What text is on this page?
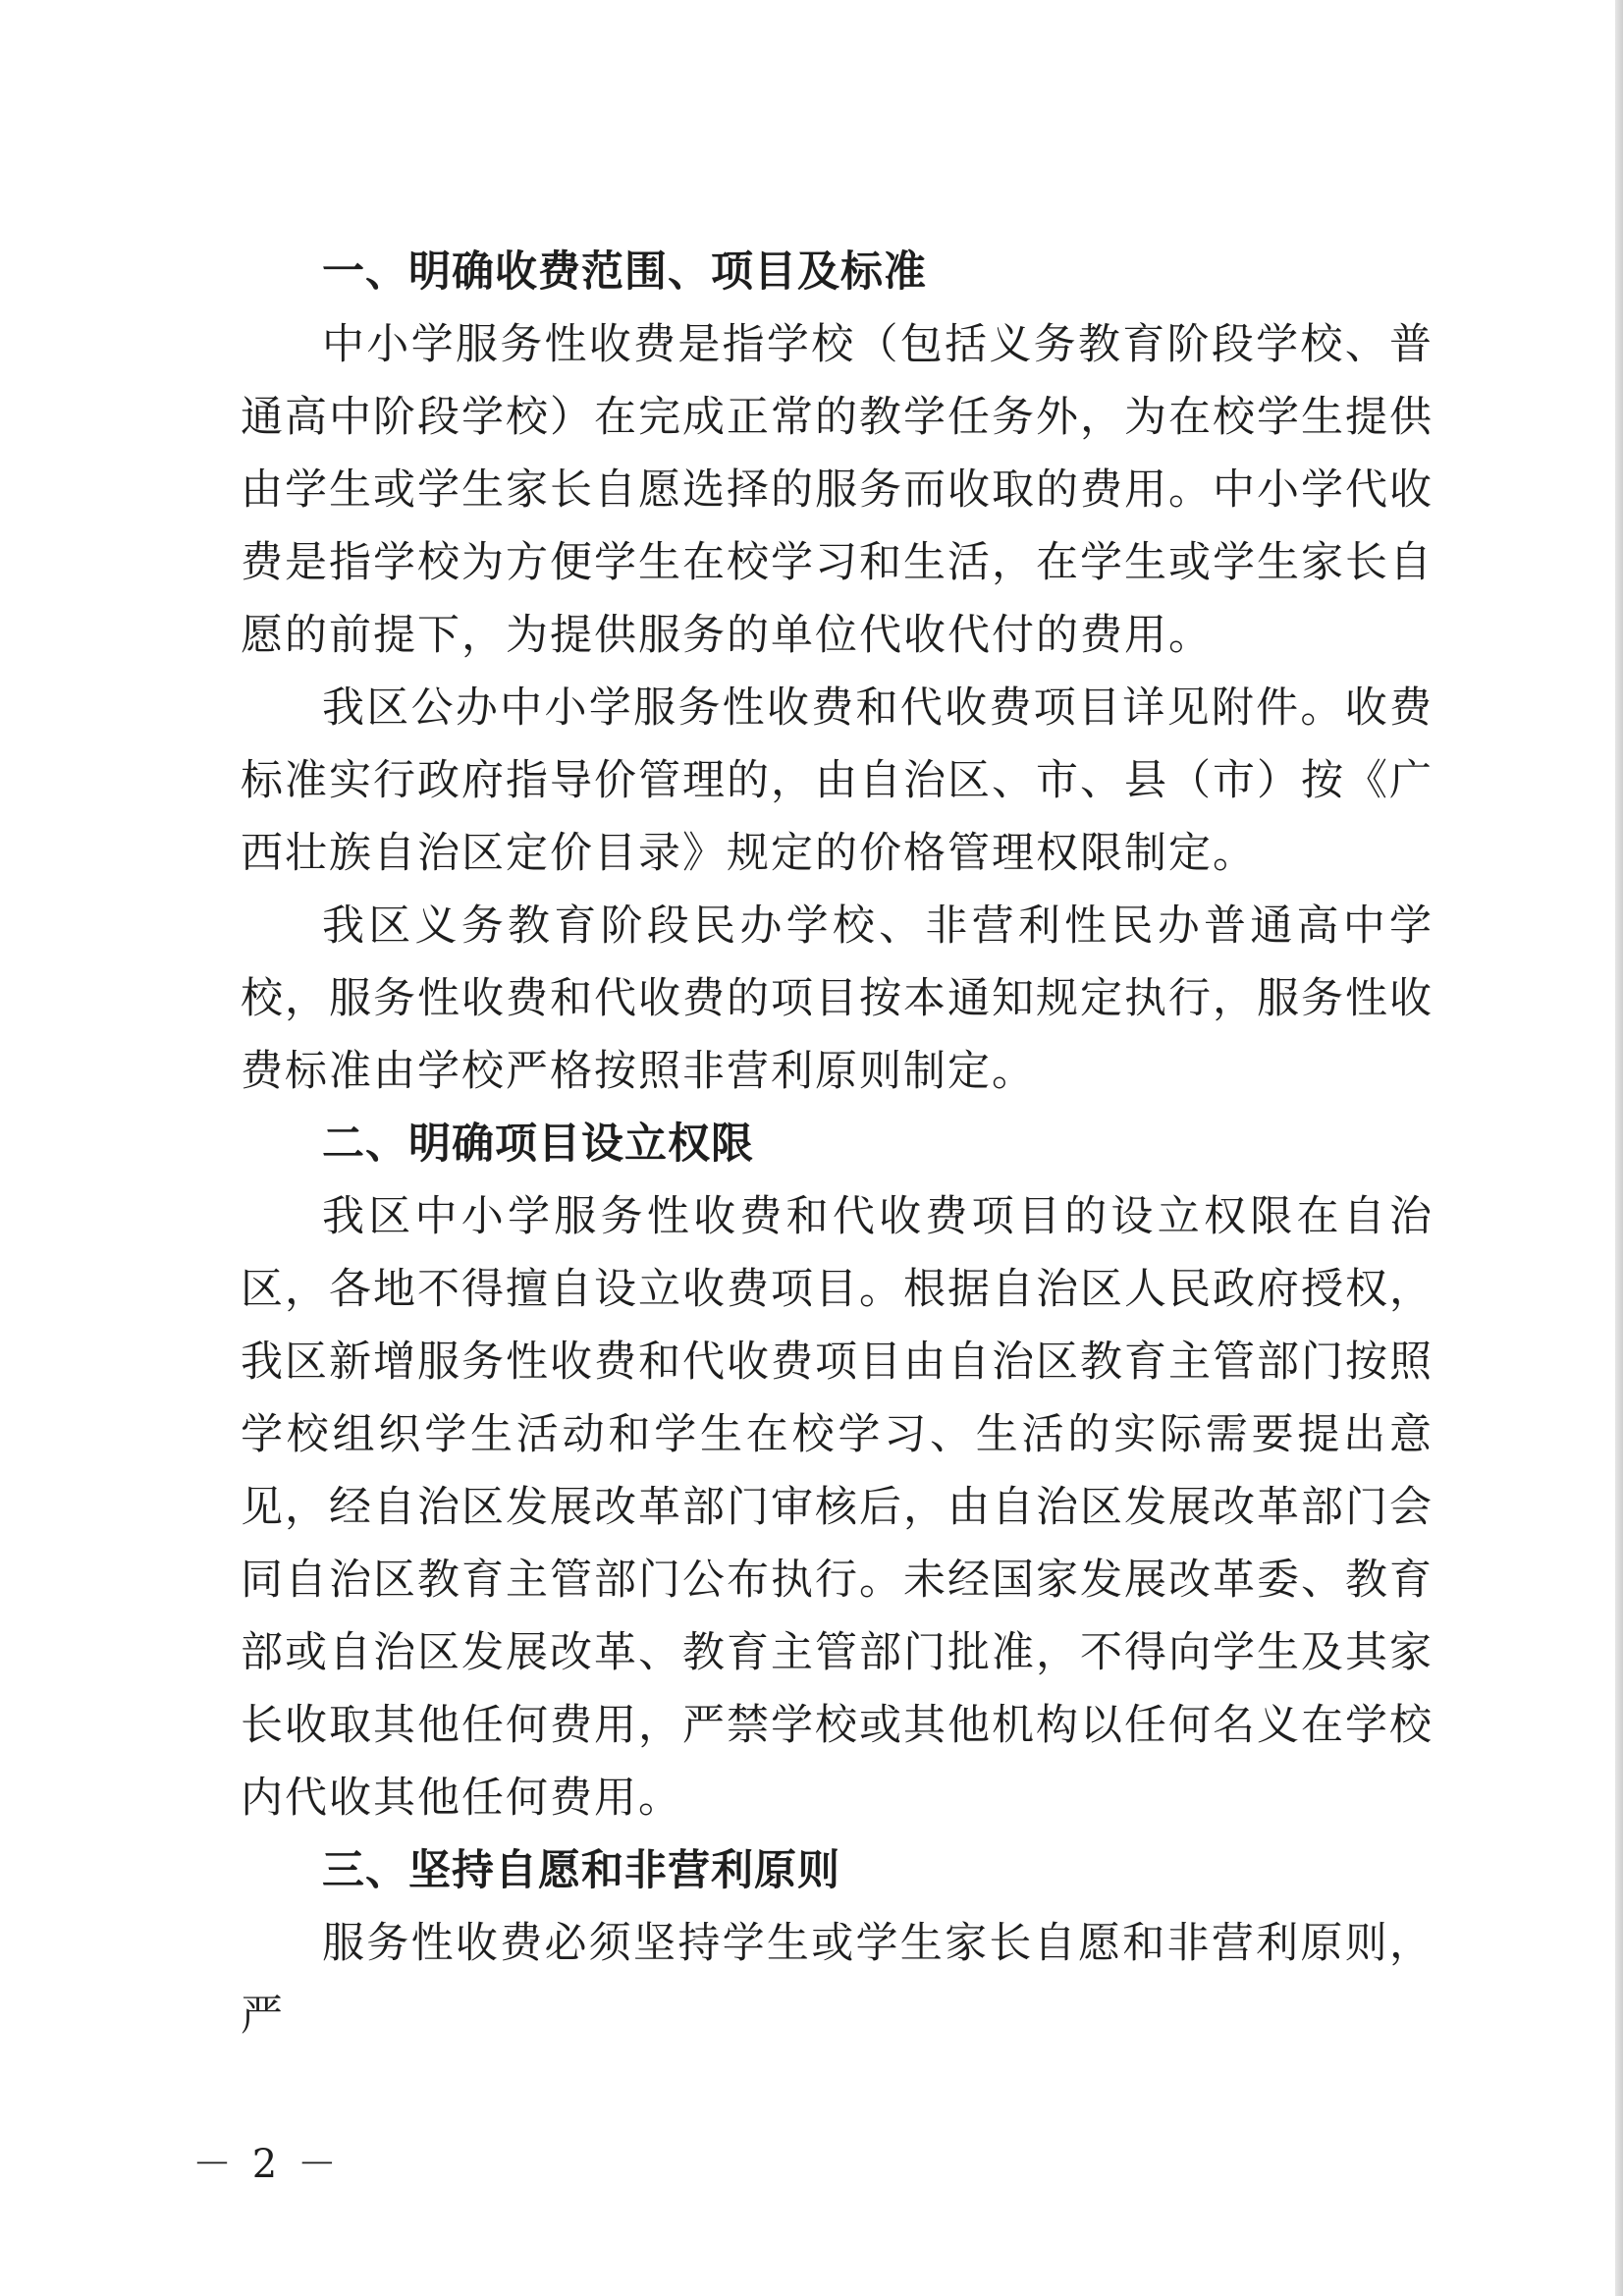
一、明确收费范围、项目及标准

中小学服务性收费是指学校（包括义务教育阶段学校、普通高中阶段学校）在完成正常的教学任务外，为在校学生提供由学生或学生家长自愿选择的服务而收取的费用。中小学代收费是指学校为方便学生在校学习和生活，在学生或学生家长自愿的前提下，为提供服务的单位代收代付的费用。

我区公办中小学服务性收费和代收费项目详见附件。收费标准实行政府指导价管理的，由自治区、市、县（市）按《广西壮族自治区定价目录》规定的价格管理权限制定。

我区义务教育阶段民办学校、非营利性民办普通高中学校，服务性收费和代收费的项目按本通知规定执行，服务性收费标准由学校严格按照非营利原则制定。

二、明确项目设立权限

我区中小学服务性收费和代收费项目的设立权限在自治区，各地不得擅自设立收费项目。根据自治区人民政府授权，我区新增服务性收费和代收费项目由自治区教育主管部门按照学校组织学生活动和学生在校学习、生活的实际需要提出意见，经自治区发展改革部门审核后，由自治区发展改革部门会同自治区教育主管部门公布执行。未经国家发展改革委、教育部或自治区发展改革、教育主管部门批准，不得向学生及其家长收取其他任何费用，严禁学校或其他机构以任何名义在学校内代收其他任何费用。

三、坚持自愿和非营利原则

服务性收费必须坚持学生或学生家长自愿和非营利原则，严

－ 2 －
